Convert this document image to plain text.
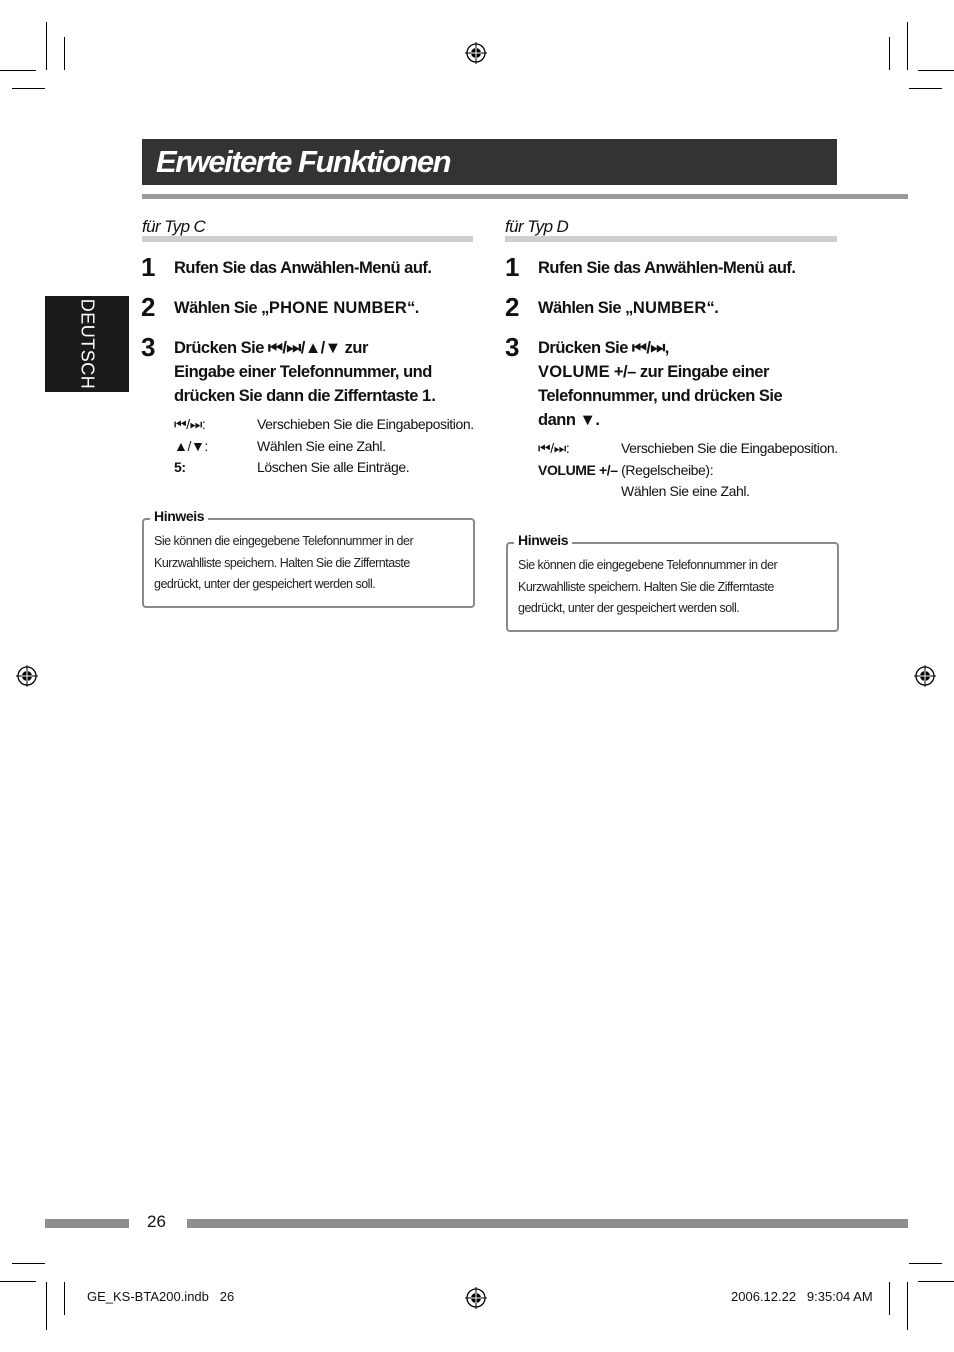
Erweiterte Funktionen
DEUTSCH
für Typ C
1 Rufen Sie das Anwählen-Menü auf.
2 Wählen Sie „PHONE NUMBER“.
3 Drücken Sie ⏮/⏭/▲/▼ zur
Eingabe einer Telefonnummer, und
drücken Sie dann die Zifferntaste 1.
⏮/⏭:	Verschieben Sie die Eingabeposition.
▲/▼:	Wählen Sie eine Zahl.
5:	Löschen Sie alle Einträge.
Hinweis
Sie können die eingegebene Telefonnummer in der
Kurzwahlliste speichern. Halten Sie die Zifferntaste
gedrückt, unter der gespeichert werden soll.
für Typ D
1 Rufen Sie das Anwählen-Menü auf.
2 Wählen Sie „NUMBER“.
3 Drücken Sie ⏮/⏭,
VOLUME +/– zur Eingabe einer
Telefonnummer, und drücken Sie
dann ▼.
⏮/⏭:	Verschieben Sie die Eingabeposition.
VOLUME +/– (Regelscheibe):
Wählen Sie eine Zahl.
Hinweis
Sie können die eingegebene Telefonnummer in der
Kurzwahlliste speichern. Halten Sie die Zifferntaste
gedrückt, unter der gespeichert werden soll.
26
GE_KS-BTA200.indb   26	2006.12.22   9:35:04 AM
